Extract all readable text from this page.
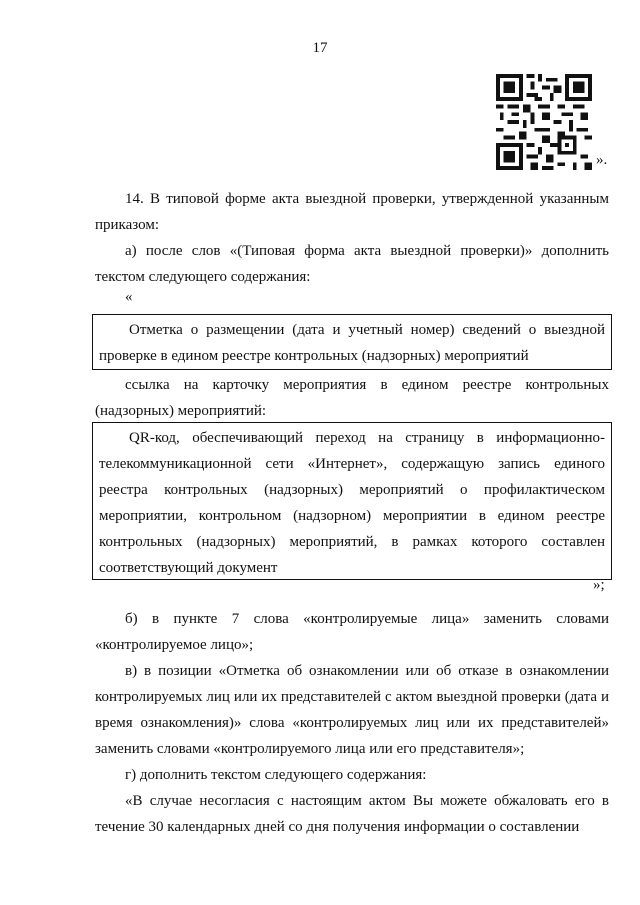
17
».
14. В типовой форме акта выездной проверки, утвержденной указанным приказом:
а) после слов «(Типовая форма акта выездной проверки)» дополнить текстом следующего содержания:
«
Отметка о размещении (дата и учетный номер) сведений о выездной проверке в едином реестре контрольных (надзорных) мероприятий
ссылка на карточку мероприятия в едином реестре контрольных (надзорных) мероприятий:
QR-код, обеспечивающий переход на страницу в информационно-телекоммуникационной сети «Интернет», содержащую запись единого реестра контрольных (надзорных) мероприятий о профилактическом мероприятии, контрольном (надзорном) мероприятии в едином реестре контрольных (надзорных) мероприятий, в рамках которого составлен соответствующий документ
»;
б) в пункте 7 слова «контролируемые лица» заменить словами «контролируемое лицо»;
в) в позиции «Отметка об ознакомлении или об отказе в ознакомлении контролируемых лиц или их представителей с актом выездной проверки (дата и время ознакомления)» слова «контролируемых лиц или их представителей» заменить словами «контролируемого лица или его представителя»;
г) дополнить текстом следующего содержания:
«В случае несогласия с настоящим актом Вы можете обжаловать его в течение 30 календарных дней со дня получения информации о составлении
